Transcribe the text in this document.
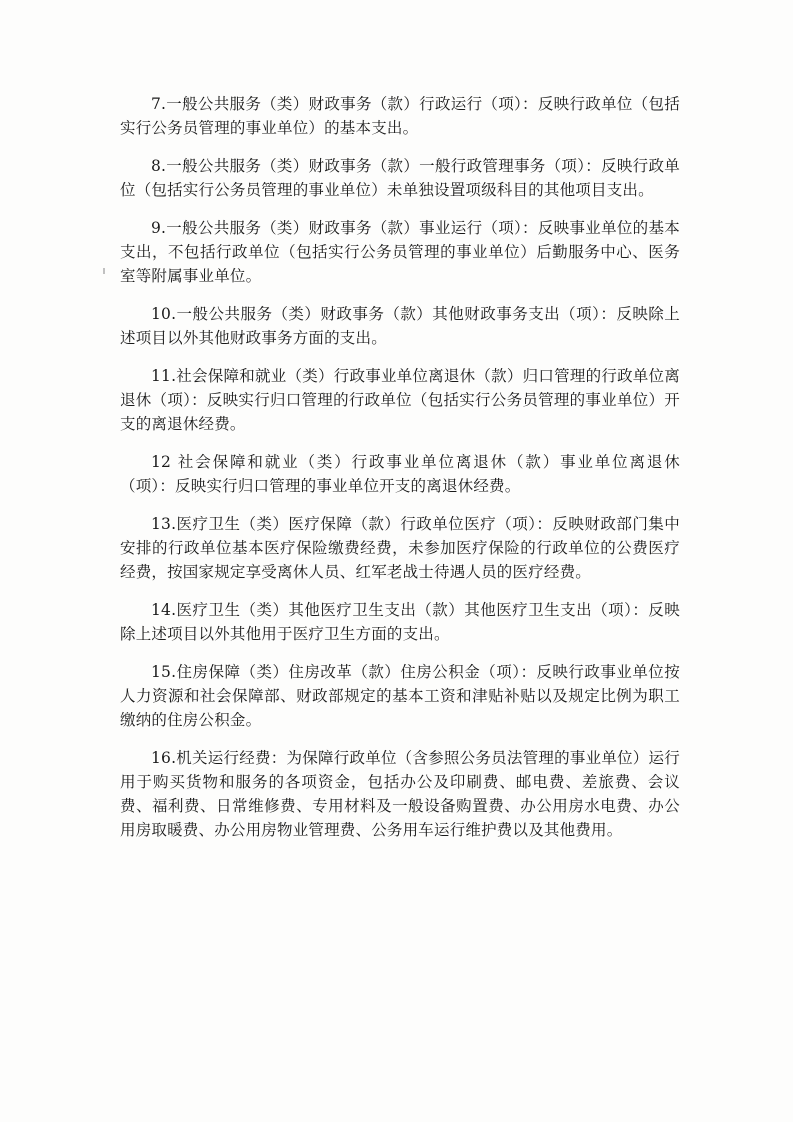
7.一般公共服务（类）财政事务（款）行政运行（项）：反映行政单位（包括实行公务员管理的事业单位）的基本支出。

8.一般公共服务（类）财政事务（款）一般行政管理事务（项）：反映行政单位（包括实行公务员管理的事业单位）未单独设置项级科目的其他项目支出。

9.一般公共服务（类）财政事务（款）事业运行（项）：反映事业单位的基本支出，不包括行政单位（包括实行公务员管理的事业单位）后勤服务中心、医务室等附属事业单位。

10.一般公共服务（类）财政事务（款）其他财政事务支出（项）：反映除上述项目以外其他财政事务方面的支出。

11.社会保障和就业（类）行政事业单位离退休（款）归口管理的行政单位离退休（项）：反映实行归口管理的行政单位（包括实行公务员管理的事业单位）开支的离退休经费。

12 社会保障和就业（类）行政事业单位离退休（款）事业单位离退休（项）：反映实行归口管理的事业单位开支的离退休经费。

13.医疗卫生（类）医疗保障（款）行政单位医疗（项）：反映财政部门集中安排的行政单位基本医疗保险缴费经费，未参加医疗保险的行政单位的公费医疗经费，按国家规定享受离休人员、红军老战士待遇人员的医疗经费。

14.医疗卫生（类）其他医疗卫生支出（款）其他医疗卫生支出（项）：反映除上述项目以外其他用于医疗卫生方面的支出。

15.住房保障（类）住房改革（款）住房公积金（项）：反映行政事业单位按人力资源和社会保障部、财政部规定的基本工资和津贴补贴以及规定比例为职工缴纳的住房公积金。

16.机关运行经费：为保障行政单位（含参照公务员法管理的事业单位）运行用于购买货物和服务的各项资金，包括办公及印刷费、邮电费、差旅费、会议费、福利费、日常维修费、专用材料及一般设备购置费、办公用房水电费、办公用房取暖费、办公用房物业管理费、公务用车运行维护费以及其他费用。
